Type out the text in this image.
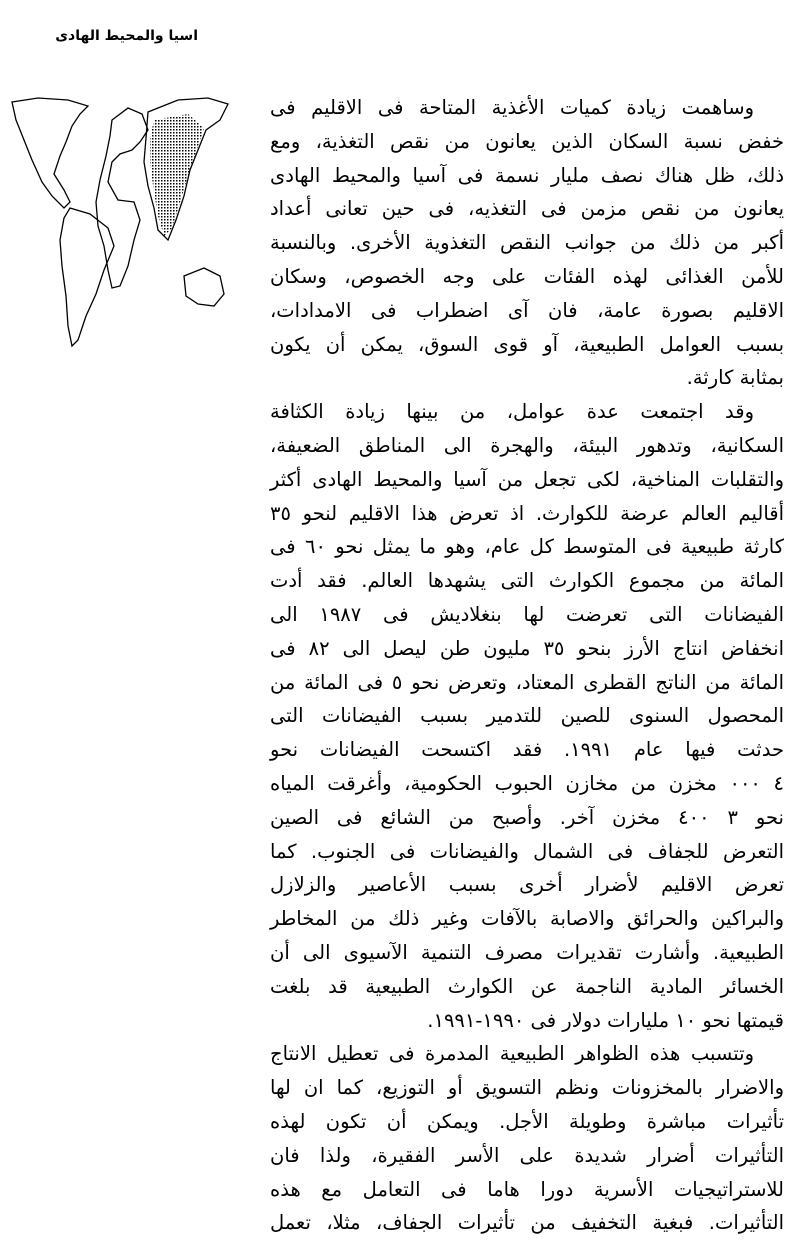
اسيا والمحيط الهادى
وساهمت زيادة كميات الأغذية المتاحة فى الاقليم فى
خفض نسبة السكان الذين يعانون من نقص التغذية، ومع
ذلك، ظل هناك نصف مليار نسمة فى آسيا والمحيط الهادى
يعانون من نقص مزمن فى التغذيه، فى حين تعانى أعداد
أكبر من ذلك من جوانب النقص التغذوية الأخرى. وبالنسبة
للأمن الغذائى لهذه الفئات على وجه الخصوص، وسكان
الاقليم بصورة عامة، فان آى اضطراب فى الامدادات،
بسبب العوامل الطبيعية، آو قوى السوق، يمكن أن يكون
بمثابة كارثة.
وقد اجتمعت عدة عوامل، من بينها زيادة الكثافة
السكانية، وتدهور البيئة، والهجرة الى المناطق الضعيفة،
والتقلبات المناخية، لكى تجعل من آسيا والمحيط الهادى أكثر
أقاليم العالم عرضة للكوارث. اذ تعرض هذا الاقليم لنحو ٣٥
كارثة طبيعية فى المتوسط كل عام، وهو ما يمثل نحو ٦٠ فى
المائة من مجموع الكوارث التى يشهدها العالم. فقد أدت
الفيضانات التى تعرضت لها بنغلاديش فى ١٩٨٧ الى
انخفاض انتاج الأرز بنحو ٣٥ مليون طن ليصل الى ٨٢ فى
المائة من الناتج القطرى المعتاد، وتعرض نحو ٥ فى المائة من
المحصول السنوى للصين للتدمير بسبب الفيضانات التى
حدثت فيها عام ١٩٩١. فقد اكتسحت الفيضانات نحو
٤ ٠٠٠ مخزن من مخازن الحبوب الحكومية، وأغرقت المياه
نحو ٣ ٤٠٠ مخزن آخر. وأصبح من الشائع فى الصين
التعرض للجفاف فى الشمال والفيضانات فى الجنوب. كما
تعرض الاقليم لأضرار أخرى بسبب الأعاصير والزلازل
والبراكين والحرائق والاصابة بالآفات وغير ذلك من المخاطر
الطبيعية. وأشارت تقديرات مصرف التنمية الآسيوى الى أن
الخسائر المادية الناجمة عن الكوارث الطبيعية قد بلغت
قيمتها نحو ١٠ مليارات دولار فى ١٩٩٠-١٩٩١.
وتتسبب هذه الظواهر الطبيعية المدمرة فى تعطيل الانتاج
والاضرار بالمخزونات ونظم التسويق أو التوزيع، كما ان لها
تأثيرات مباشرة وطويلة الأجل. ويمكن أن تكون لهذه
التأثيرات أضرار شديدة على الأسر الفقيرة، ولذا فان
للاستراتيجيات الأسرية دورا هاما فى التعامل مع هذه
التأثيرات. فبغية التخفيف من تأثيرات الجفاف، مثلا، تعمل
